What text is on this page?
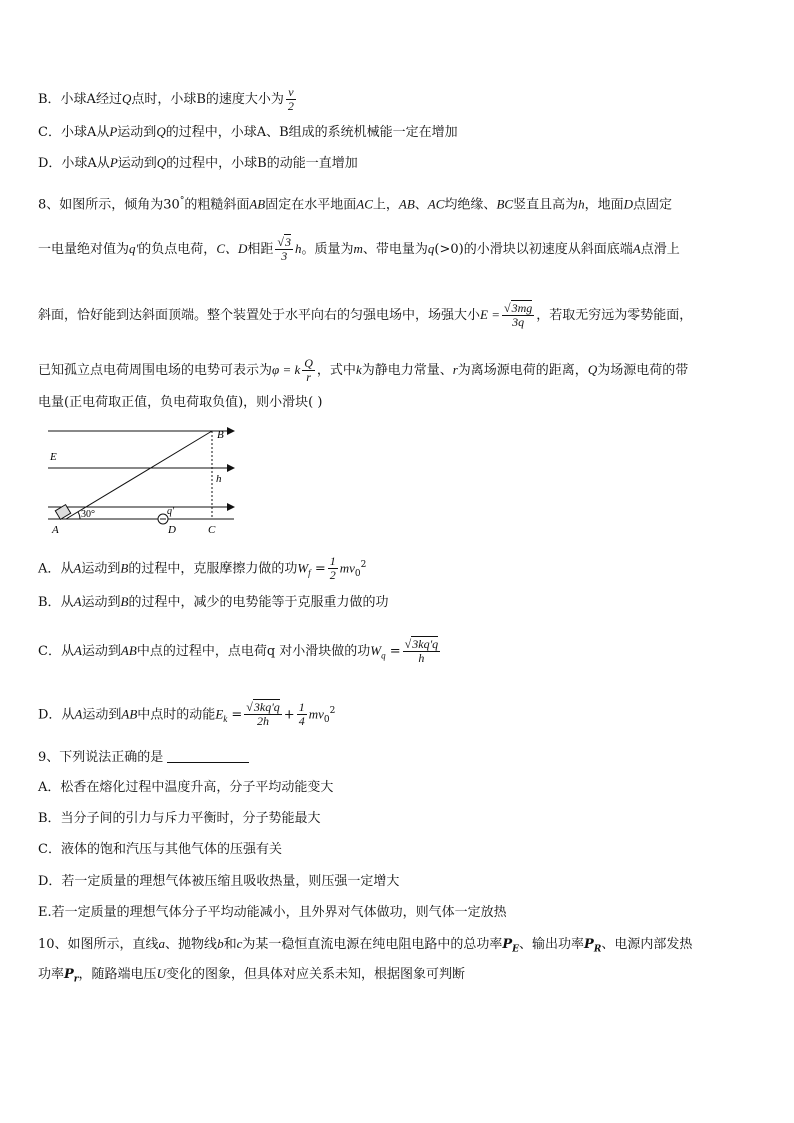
B．小球A经过Q点时，小球B的速度大小为 $\frac{v}{2}$
C．小球A从P运动到Q的过程中，小球A、B组成的系统机械能一定在增加
D．小球A从P运动到Q的过程中，小球B的动能一直增加
8、如图所示，倾角为30°的粗糙斜面AB固定在水平地面AC上，AB、AC均绝缘、BC竖直且高为h，地面D点固定
一电量绝对值为q'的负点电荷，C、D相距 $\frac{√3}{3}$ h。质量为m、带电量为q(>0)的小滑块以初速度从斜面底端A点滑上
斜面，恰好能到达斜面顶端。整个装置处于水平向右的匀强电场中，场强大小$E = \frac{√3mg}{3q}$ ，若取无穷远为零势能面，
已知孤立点电荷周围电场的电势可表示为φ = k $\frac{Q}{r}$ ，式中k为静电力常量、r为离场源电荷的距离，Q为场源电荷的带
电量(正电荷取正值，负电荷取负值)，则小滑块( )
B
E
h
30°	q'
A	D	C
A．从A运动到B的过程中，克服摩擦力做的功$W_f = \frac{1}{2} mv_0^2$
B．从A运动到B的过程中，减少的电势能等于克服重力做的功
C．从A运动到AB中点的过程中，点电荷q 对小滑块做的功$W_q = \frac{√3kq'q}{h}$
D．从A运动到AB中点时的动能$E_k = \frac{√3kq'q}{2h} + \frac{1}{4} mv_0^2$
9、下列说法正确的是
A．松香在熔化过程中温度升高，分子平均动能变大
B．当分子间的引力与斥力平衡时，分子势能最大
C．液体的饱和汽压与其他气体的压强有关
D．若一定质量的理想气体被压缩且吸收热量，则压强一定增大
E.若一定质量的理想气体分子平均动能减小，且外界对气体做功，则气体一定放热
10、如图所示，直线a、抛物线b和c为某一稳恒直流电源在纯电阻电路中的总功率$P_E$、输出功率$P_R$、电源内部发热
功率$P_r$，随路端电压U变化的图象，但具体对应关系未知，根据图象可判断
